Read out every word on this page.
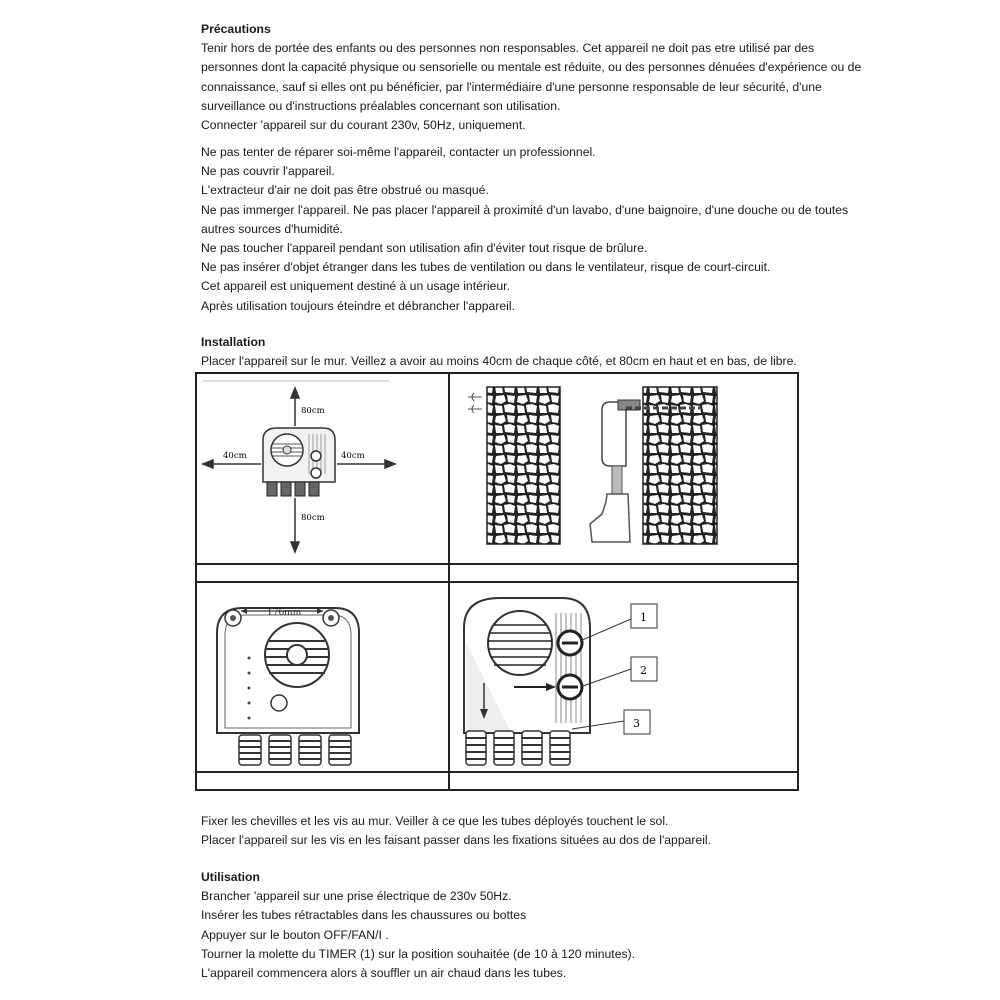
Précautions

Tenir hors de portée des enfants ou des personnes non responsables. Cet appareil ne doit pas etre utilisé par des

personnes dont la capacité physique ou sensorielle ou mentale est réduite, ou des personnes dénuées d'expérience ou de

connaissance, sauf si elles ont pu bénéficier, par l'intermédiaire d'une personne responsable de leur sécurité, d'une

surveillance ou d'instructions préalables concernant son utilisation.

Connecter 'appareil sur du courant 230v, 50Hz, uniquement.

Ne pas tenter de réparer soi-même l'appareil, contacter un professionnel.

Ne pas couvrir l'appareil.

L'extracteur d'air ne doit pas être obstrué ou masqué.

Ne pas immerger l'appareil. Ne pas placer l'appareil à proximité d'un lavabo, d'une baignoire, d'une douche ou de toutes

autres sources d'humidité.

Ne pas toucher l'appareil pendant son utilisation afin d'éviter tout risque de brûlure.

Ne pas insérer d'objet étranger dans les tubes de ventilation ou dans le ventilateur, risque de court-circuit.

Cet appareil est uniquement destiné à un usage intérieur.

Après utilisation toujours éteindre et débrancher l'appareil.

Installation

Placer l'appareil sur le mur. Veillez a avoir au moins 40cm de chaque côté, et 80cm en haut et en bas, de libre.

80cm
40cm	40cm
80cm
176mm	1
2
3

Fixer les chevilles et les vis au mur. Veiller à ce que les tubes déployés touchent le sol.

Placer l'appareil sur les vis en les faisant passer dans les fixations situées au dos de l'appareil.

Utilisation

Brancher 'appareil sur une prise électrique de 230v 50Hz.

Insérer les tubes rétractables dans les chaussures ou bottes

Appuyer sur le bouton OFF/FAN/I .

Tourner la molette du TIMER (1) sur la position souhaitée (de 10 à 120 minutes).

L'appareil commencera alors à souffler un air chaud dans les tubes.
